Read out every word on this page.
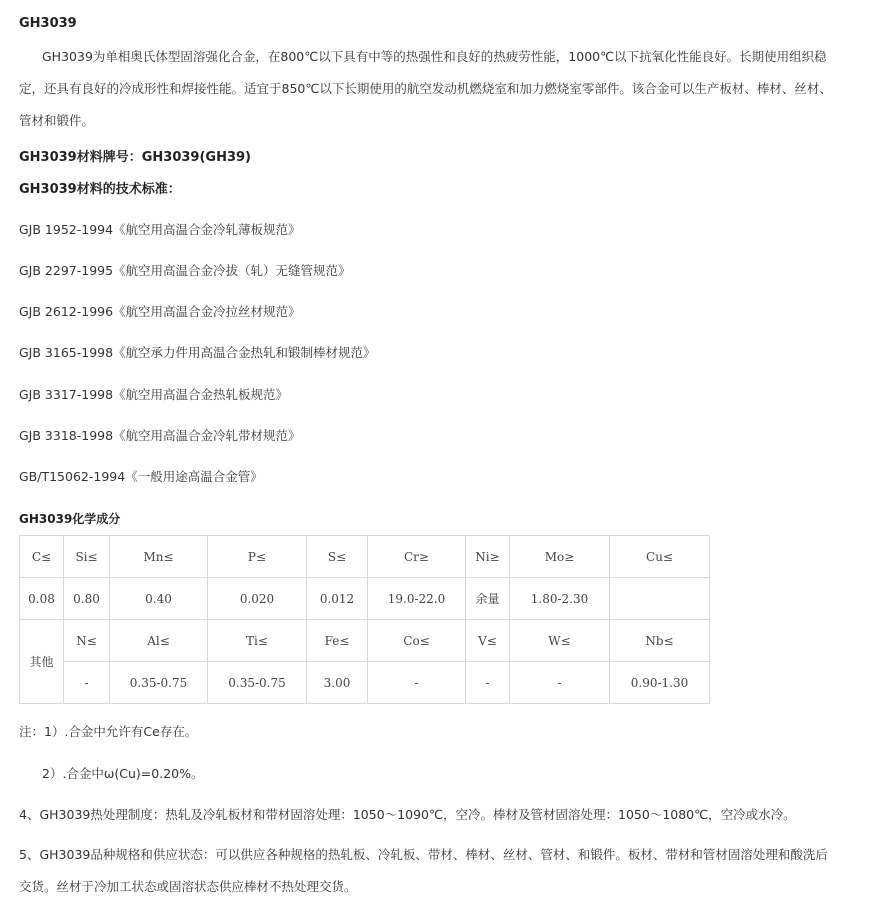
GH3039
GH3039为单相奥氏体型固溶强化合金，在800℃以下具有中等的热强性和良好的热疲劳性能，1000℃以下抗氧化性能良好。长期使用组织稳
定，还具有良好的冷成形性和焊接性能。适宜于850℃以下长期使用的航空发动机燃烧室和加力燃烧室零部件。该合金可以生产板材、棒材、丝材、
管材和锻件。
GH3039材料牌号：GH3039(GH39)
GH3039材料的技术标准：
GJB 1952-1994《航空用高温合金冷轧薄板规范》
GJB 2297-1995《航空用高温合金冷拔（轧）无缝管规范》
GJB 2612-1996《航空用高温合金冷拉丝材规范》
GJB 3165-1998《航空承力件用高温合金热轧和锻制棒材规范》
GJB 3317-1998《航空用高温合金热轧板规范》
GJB 3318-1998《航空用高温合金冷轧带材规范》
GB/T15062-1994《一般用途高温合金管》
GH3039化学成分
C≤	Si≤	Mn≤	P≤	S≤	Cr≥	Ni≥	Mo≥	Cu≤
0.08	0.80	0.40	0.020	0.012	19.0-22.0	余量	1.80-2.30	
其他	N≤	Al≤	Ti≤	Fe≤	Co≤	V≤	W≤	Nb≤
	-	0.35-0.75	0.35-0.75	3.00	-	-	-	0.90-1.30
注：1）.合金中允许有Ce存在。
2）.合金中ω(Cu)=0.20%。
4、GH3039热处理制度：热轧及冷轧板材和带材固溶处理：1050～1090℃，空冷。棒材及管材固溶处理：1050～1080℃，空冷或水冷。
5、GH3039品种规格和供应状态：可以供应各种规格的热轧板、冷轧板、带材、棒材、丝材、管材、和锻件。板材、带材和管材固溶处理和酸洗后
交货。丝材于冷加工状态或固溶状态供应棒材不热处理交货。
